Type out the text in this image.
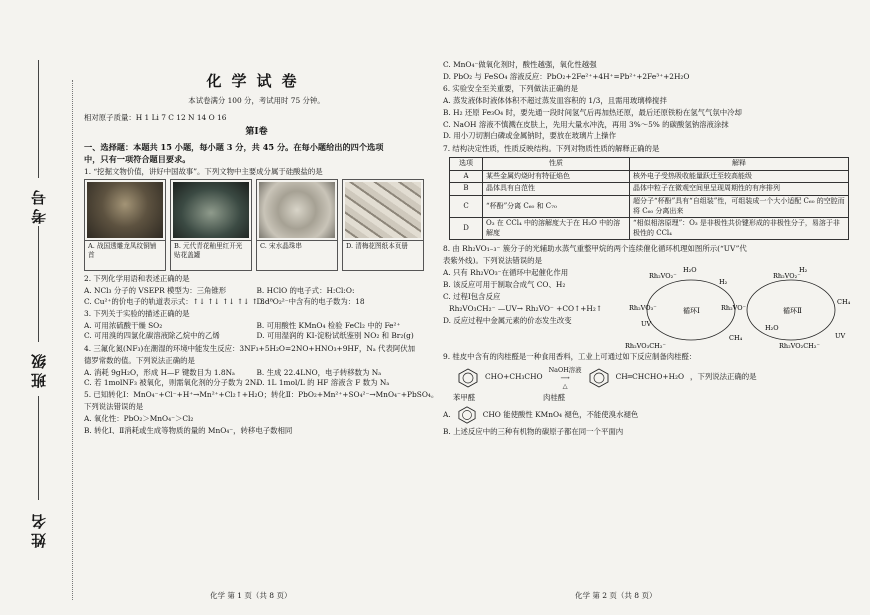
考号
班级
姓名
化学试卷
本试卷满分 100 分，考试用时 75 分钟。
相对原子质量：H 1 Li 7 C 12 N 14 O 16
第Ⅰ卷
一、选择题：本题共 15 小题，每小题 3 分，共 45 分。在每小题给出的四个选项
中，只有一项符合题目要求。
1. “挖掘文物价值，讲好中国故事”。下列文物中主要成分属于硅酸盐的是
A. 战国透雕龙凤纹铜铺首
B. 元代青花釉里红开光贴花盖罐
C. 宋水晶珠串	D. 清梅花图纸本页册
2. 下列化学用语和表述正确的是
A. NCl₃ 分子的 VSEPR 模型为：三角锥形	B. HClO 的电子式：H:Cl:O:
C. Cu²⁺的价电子的轨道表示式：↑↓ ↑↓ ↑↓ ↑↓ ↑ 3d
D. ¹⁸O₂²⁻中含有的电子数为：18
3. 下列关于实验的描述正确的是
A. 可用浓硫酸干燥 SO₂	B. 可用酸性 KMnO₄ 检验 FeCl₂ 中的 Fe²⁺
C. 可用溴的四氯化碳溶液除乙烷中的乙烯	D. 可用湿润的 KI-淀粉试纸鉴别 NO₂ 和 Br₂(g)
4. 三氟化氮(NF₃)在潮湿的环境中能发生反应：3NF₃+5H₂O=2NO+HNO₃+9HF，Nₐ 代表阿伏加
德罗常数的值。下列说法正确的是
A. 消耗 9gH₂O，形成 H—F 键数目为 1.8Nₐ	B. 生成 22.4LNO，电子转移数为 Nₐ
C. 若 1molNF₃ 被氧化，则需氧化剂的分子数为 2Nₐ
D. 1L 1mol/L 的 HF 溶液含 F 数为 Nₐ
5. 已知转化Ⅰ：MnO₄⁻+Cl⁻+H⁺→Mn²⁺+Cl₂↑+H₂O；转化Ⅱ：PbO₂+Mn²⁺+SO₄²⁻→MnO₄⁻+PbSO₄。
下列说法错误的是
A. 氧化性：PbO₂＞MnO₄⁻＞Cl₂
B. 转化Ⅰ、Ⅱ消耗或生成等物质的量的 MnO₄⁻，转移电子数相同
化学 第 1 页（共 8 页）
C. MnO₄⁻做氧化剂时，酸性越强，氧化性越强
D. PbO₂ 与 FeSO₄ 溶液反应：PbO₂+2Fe²⁺+4H⁺=Pb²⁺+2Fe³⁺+2H₂O
6. 实验安全至关重要，下列做法正确的是
A. 蒸发液体时液体体积不超过蒸发皿容积的 1/3，且需用玻璃棒搅拌
B. H₂ 还原 Fe₃O₄ 时，要先通一段时间氢气后再加热还原，最后还原铁粉在氢气气氛中冷却
C. NaOH 溶液不慎溅在皮肤上，先用大量水冲洗，再用 3%～5% 的碳酸氢钠溶液涂抹
D. 用小刀切割白磷或金属钠时，要放在玻璃片上操作
7. 结构决定性质，性质反映结构。下列对物质性质的解释正确的是
选项	性质	解释
A	某些金属灼烧时有特征焰色	核外电子受热吸收能量跃迁至较高能级
B	晶体具有自范性	晶体中粒子在微观空间里呈现周期性的有序排列
C	“杯酚”分离 C₆₀ 和 C₇₀	超分子“杯酚”具有“自组装”性，可组装成一个大小适配 C₆₀ 的空腔而将 C₆₀ 分离出来
D	O₃ 在 CCl₄ 中的溶解度大于在 H₂O 中的溶解度	“相似相溶原理”：O₃ 是非极性共价键形成的非极性分子，易溶于非极性的 CCl₄
8. 由 Rh₂VO₁₋₃⁻ 簇分子的光辅助水蒸气重整甲烷的两个连续催化循环机理如图所示(“UV”代
表紫外线)。下列说法错误的是
A. 只有 Rh₂VO₃⁻在循环中起催化作用
B. 该反应可用于制取合成气 CO、H₂
C. 过程Ⅰ包含反应
Rh₂VO₃CH₂⁻ —UV→ Rh₂VO⁻ +CO↑+H₂↑
D. 反应过程中金属元素的价态发生改变
循环Ⅰ	循环Ⅱ
Rh₂VO₂⁻
Rh₂VO⁻
Rh₂VO₃CH₂⁻	Rh₂VO₂CH₂⁻
Rh₂VO₂⁻
Rh₂VO₃⁻
H₂O
H₂
CH₄
UV
H₂
CH₄
H₂O
UV
9. 桂皮中含有的肉桂醛是一种食用香料，工业上可通过如下反应制备肉桂醛：
CHO+CH₃CHO
NaOH溶液
⟶
△
CH═CHCHO+H₂O ，下列说法正确的是
苯甲醛	肉桂醛
A.	CHO 能使酸性 KMnO₄ 褪色，不能使溴水褪色
B. 上述反应中的三种有机物的碳原子都在同一个平面内
化学 第 2 页（共 8 页）
